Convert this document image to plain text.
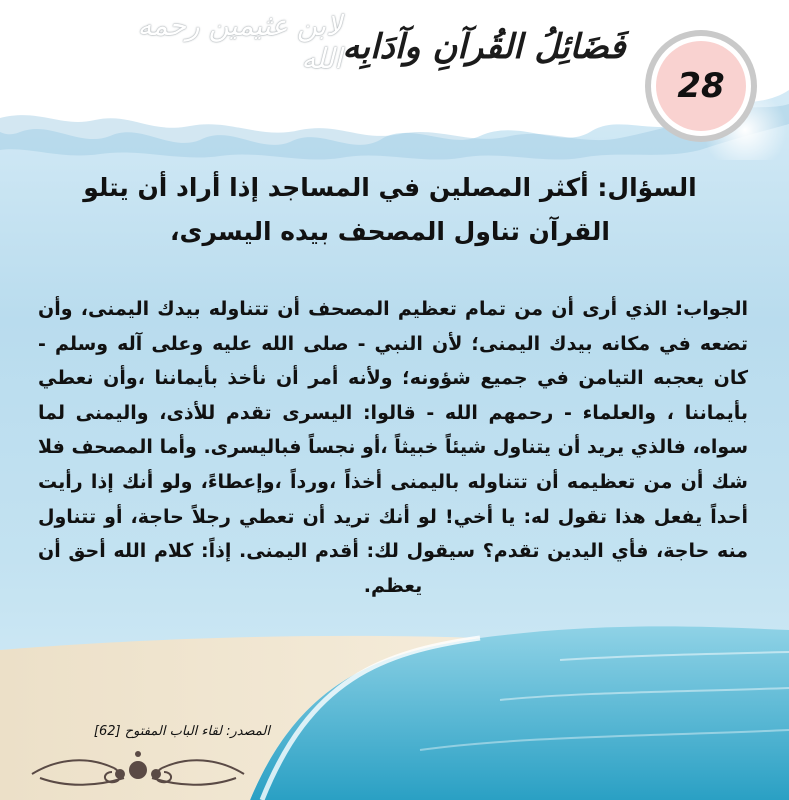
فَضَائِلُ القُرآنِ وآدَابِه
لابن عثيمين رحمه الله
28
السؤال: أكثر المصلين في المساجد إذا أراد أن يتلو القرآن تناول المصحف بيده اليسرى،
الجواب: الذي أرى أن من تمام تعظيم المصحف أن تتناوله بيدك اليمنى، وأن تضعه في مكانه بيدك اليمنى؛ لأن النبي - صلى الله عليه وعلى آله وسلم - كان يعجبه التيامن في جميع شؤونه؛ ولأنه أمر أن نأخذ بأيماننا ،وأن نعطي بأيماننا ، والعلماء - رحمهم الله - قالوا: اليسرى تقدم للأذى، واليمنى لما سواه، فالذي يريد أن يتناول شيئاً خبيثاً ،أو نجساً فباليسرى. وأما المصحف فلا شك أن من تعظيمه أن تتناوله باليمنى أخذاً ،ورداً ،وإعطاءً، ولو أنك إذا رأيت أحداً يفعل هذا تقول له: يا أخي! لو أنك تريد أن تعطي رجلاً حاجة، أو تتناول منه حاجة، فأي اليدين تقدم؟ سيقول لك: أقدم اليمنى. إذاً: كلام الله أحق أن يعظم.
المصدر: لقاء الباب المفتوح [62]
